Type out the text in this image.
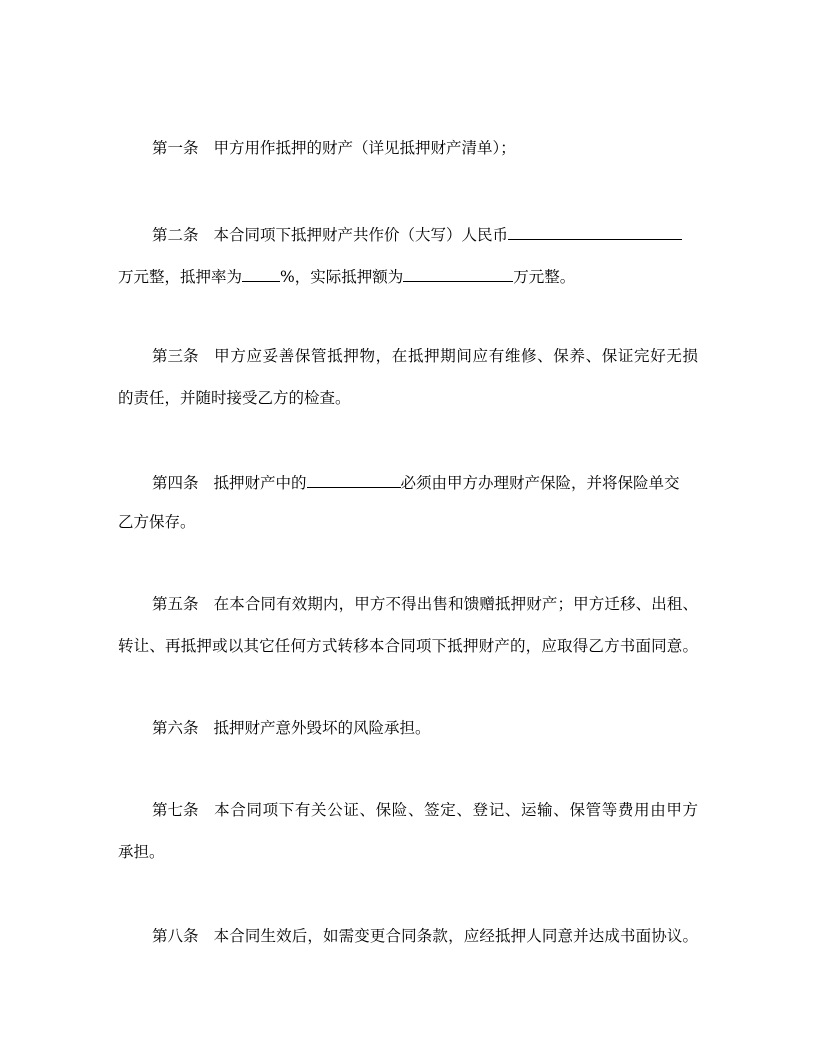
第一条 甲方用作抵押的财产（详见抵押财产清单）；
第二条 本合同项下抵押财产共作价（大写）人民币
万元整，抵押率为 %，实际抵押额为	万元整。
第三条 甲方应妥善保管抵押物，在抵押期间应有维修、保养、保证完好无损
的责任，并随时接受乙方的检查。
第四条 抵押财产中的	必须由甲方办理财产保险，并将保险单交
乙方保存。
第五条 在本合同有效期内，甲方不得出售和馈赠抵押财产；甲方迁移、出租、
转让、再抵押或以其它任何方式转移本合同项下抵押财产的，应取得乙方书面同意。
第六条 抵押财产意外毁坏的风险承担。
第七条 本合同项下有关公证、保险、签定、登记、运输、保管等费用由甲方
承担。
第八条 本合同生效后，如需变更合同条款，应经抵押人同意并达成书面协议。
